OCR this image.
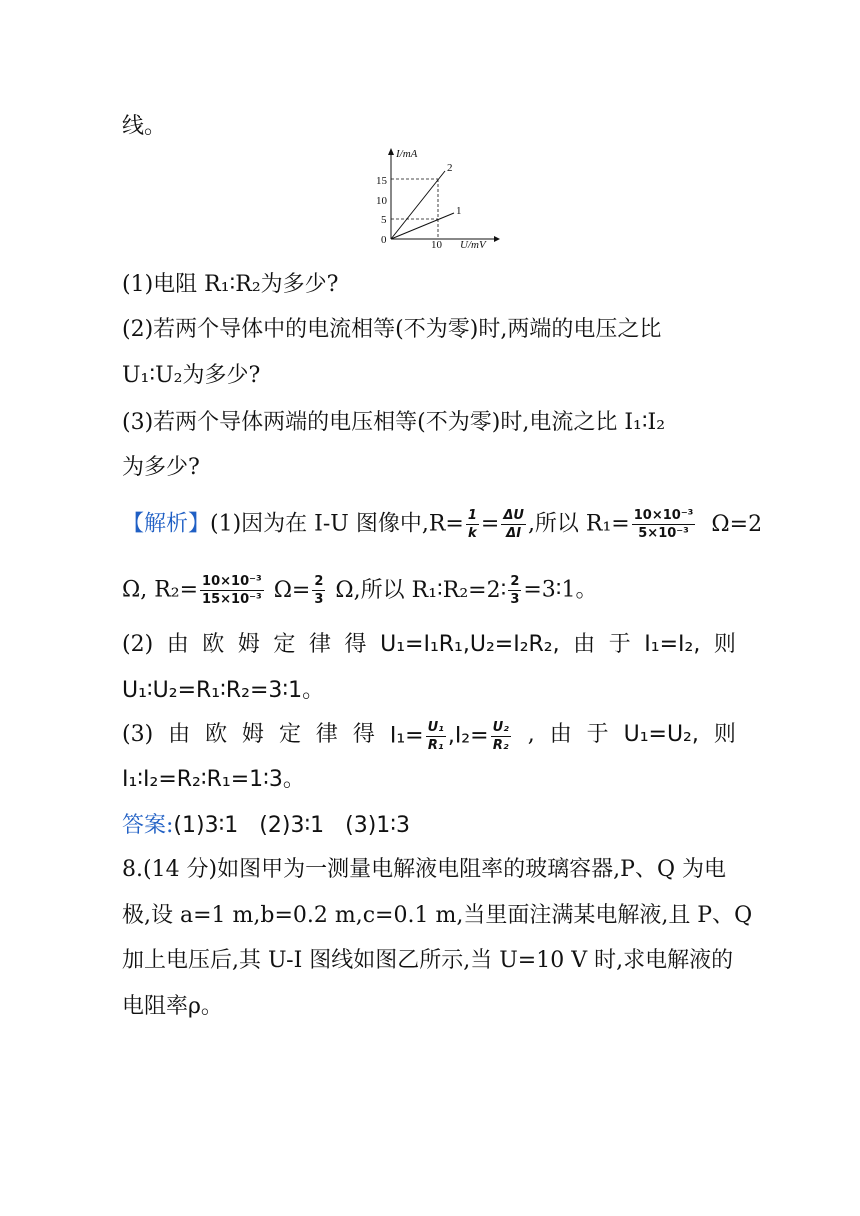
线。
I/mA
U/mV
15
10
5
0	10
2
1
(1)电阻 R₁∶R₂为多少?
(2)若两个导体中的电流相等(不为零)时,两端的电压之比
U₁∶U₂为多少?
(3)若两个导体两端的电压相等(不为零)时,电流之比 I₁∶I₂
为多少?
【解析】(1)因为在 I-U 图像中$,R= \frac{1}{k} = \frac{\Delta U}{\Delta I}$ ,所以 $R_1= \frac{\text{10×10⁻³}}{\text{5×10⁻³}} \Omega=2$
Ω, $R_2= \frac{\text{10×10⁻³}}{\text{15×10⁻³}} \Omega= \frac{2}{3} \Omega$,所以 R₁∶R₂=2∶ $\frac{2}{3}$ =3∶1。
(2) 由 欧 姆 定 律 得 U₁=I₁R₁,U₂=I₂R₂, 由 于 I₁=I₂, 则
U₁∶U₂=R₁∶R₂=3∶1。
(3) 由 欧 姆 定 律 得 $I_1= \frac{\text{U₁}}{\text{R₁}} ,I_2= \frac{\text{U₂}}{\text{R₂}}$ , 由 于 U₁=U₂, 则
I₁∶I₂=R₂∶R₁=1∶3。
答案:(1)3∶1   (2)3∶1   (3)1∶3
8.(14 分)如图甲为一测量电解液电阻率的玻璃容器,P、Q 为电
极,设 a=1 m,b=0.2 m,c=0.1 m,当里面注满某电解液,且 P、Q
加上电压后,其 U-I 图线如图乙所示,当 U=10 V 时,求电解液的
电阻率ρ。
